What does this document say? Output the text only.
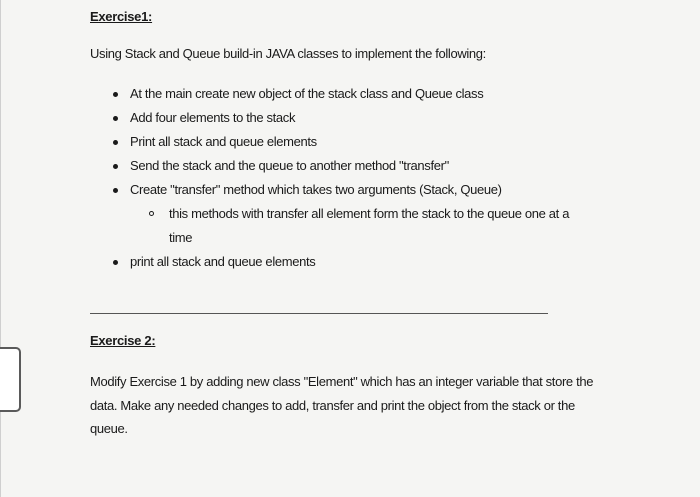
Exercise1:
Using Stack and Queue build-in JAVA classes to implement the following:
At the main create new object of the stack class and Queue class
Add four elements to the stack
Print all stack and queue elements
Send the stack and the queue to another method "transfer"
Create "transfer" method which takes two arguments (Stack, Queue)
this methods with transfer all element form the stack to the queue one at a
time
print all stack and queue elements
Exercise 2:
Modify Exercise 1 by adding new class "Element" which has an integer variable that store the
data. Make any needed changes to add, transfer and print the object from the stack or the
queue.
